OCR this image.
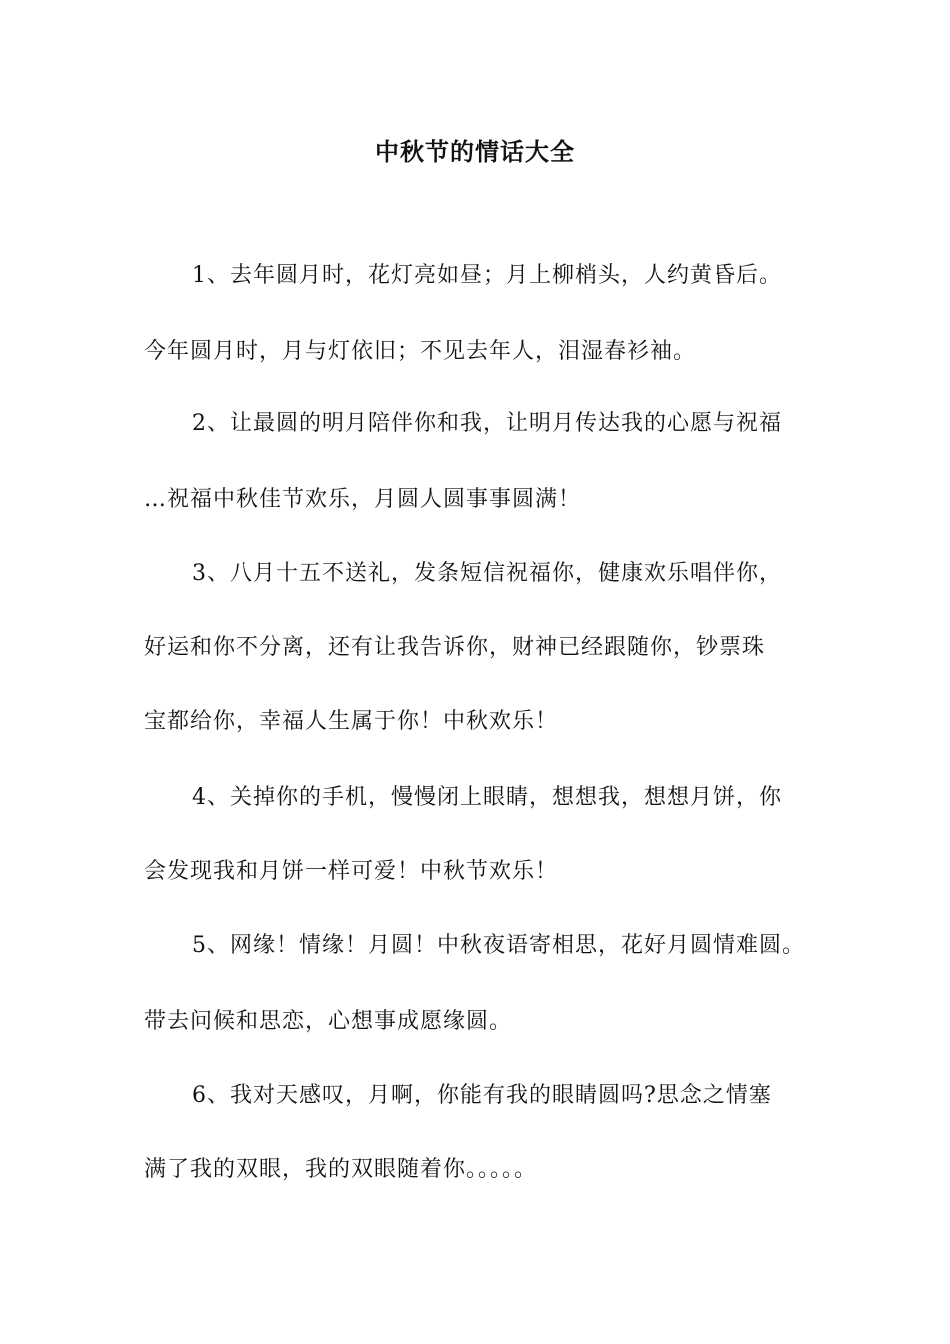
中秋节的情话大全
1、去年圆月时，花灯亮如昼；月上柳梢头，人约黄昏后。
今年圆月时，月与灯依旧；不见去年人，泪湿春衫袖。
2、让最圆的明月陪伴你和我，让明月传达我的心愿与祝福
…祝福中秋佳节欢乐，月圆人圆事事圆满！
3、八月十五不送礼，发条短信祝福你，健康欢乐唱伴你，
好运和你不分离，还有让我告诉你，财神已经跟随你，钞票珠
宝都给你，幸福人生属于你！中秋欢乐！
4、关掉你的手机，慢慢闭上眼睛，想想我，想想月饼，你
会发现我和月饼一样可爱！中秋节欢乐！
5、网缘！情缘！月圆！中秋夜语寄相思，花好月圆情难圆。
带去问候和思恋，心想事成愿缘圆。
6、我对天感叹，月啊，你能有我的眼睛圆吗?思念之情塞
满了我的双眼，我的双眼随着你。。。。。
